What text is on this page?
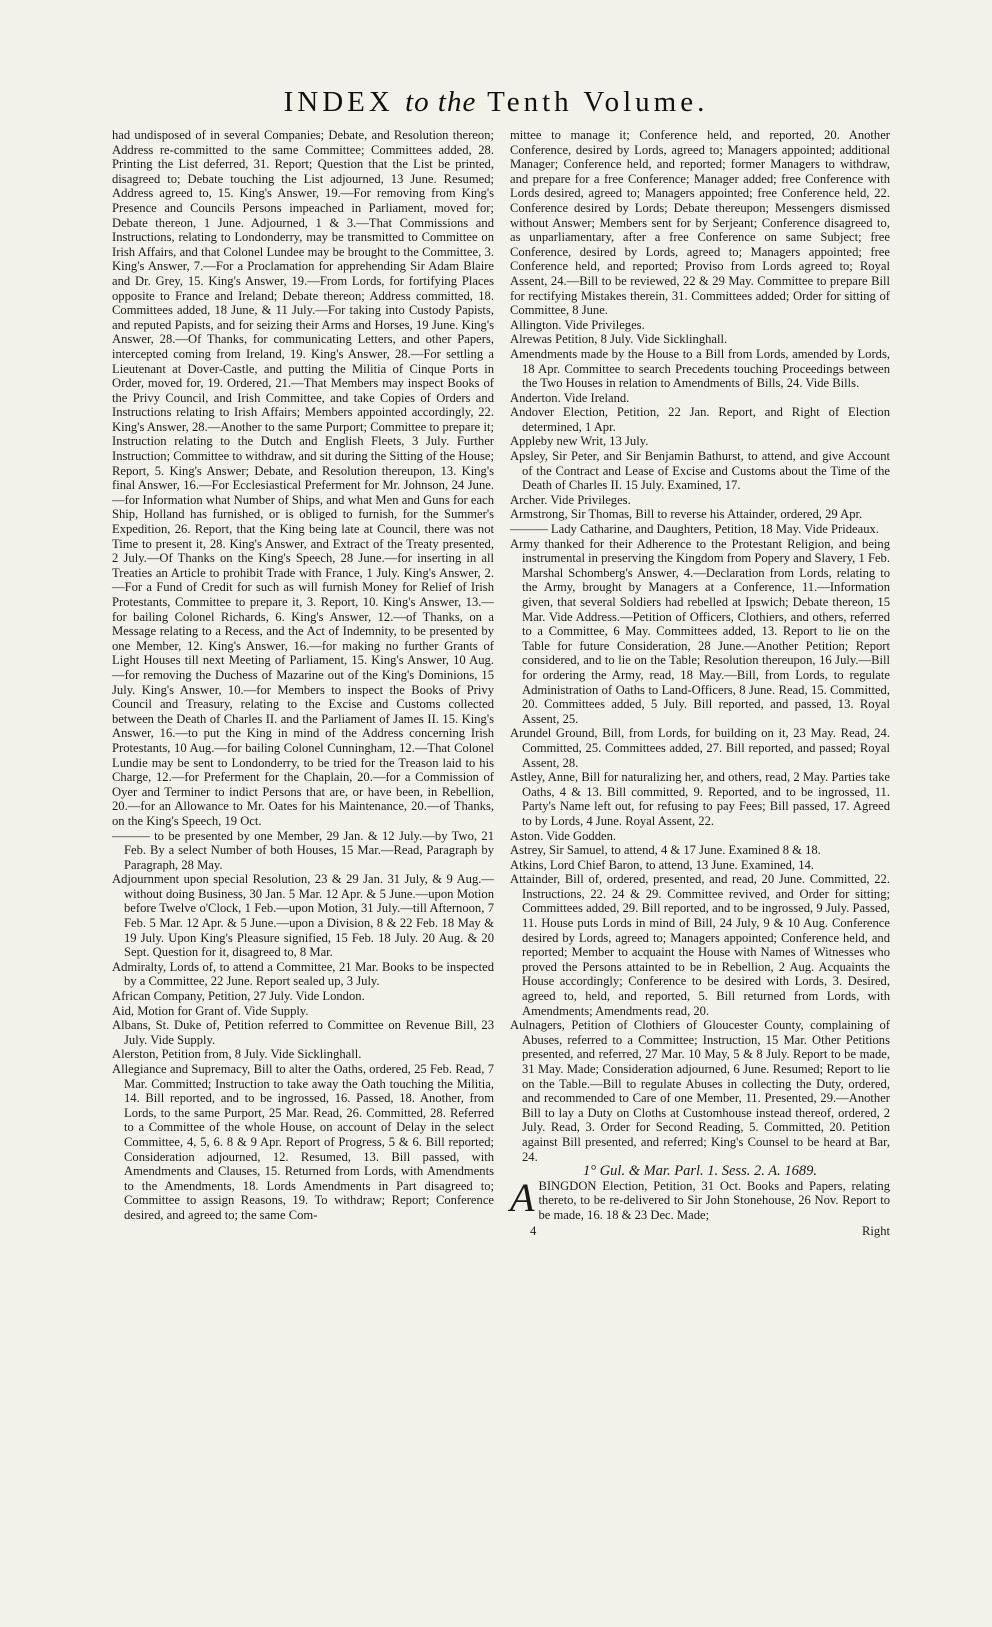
INDEX to the Tenth Volume.

had undisposed of in several Companies; Debate, and Resolution thereon; Address re-committed to the same Committee; Committees added, 28. Printing the List deferred, 31. Report; Question that the List be printed, disagreed to; Debate touching the List adjourned, 13 June. Resumed; Address agreed to, 15. King's Answer, 19.—For removing from King's Presence and Councils Persons impeached in Parliament, moved for; Debate thereon, 1 June. Adjourned, 1 & 3.—That Commissions and Instructions, relating to Londonderry, may be transmitted to Committee on Irish Affairs, and that Colonel Lundee may be brought to the Committee, 3. King's Answer, 7.—For a Proclamation for apprehending Sir Adam Blaire and Dr. Grey, 15. King's Answer, 19.—From Lords, for fortifying Places opposite to France and Ireland; Debate thereon; Address committed, 18. Committees added, 18 June, & 11 July.—For taking into Custody Papists, and reputed Papists, and for seizing their Arms and Horses, 19 June. King's Answer, 28.—Of Thanks, for communicating Letters, and other Papers, intercepted coming from Ireland, 19. King's Answer, 28.—For settling a Lieutenant at Dover-Castle, and putting the Militia of Cinque Ports in Order, moved for, 19. Ordered, 21.—That Members may inspect Books of the Privy Council, and Irish Committee, and take Copies of Orders and Instructions relating to Irish Affairs; Members appointed accordingly, 22. King's Answer, 28.—Another to the same Purport; Committee to prepare it; Instruction relating to the Dutch and English Fleets, 3 July. Further Instruction; Committee to withdraw, and sit during the Sitting of the House; Report, 5. King's Answer; Debate, and Resolution thereupon, 13. King's final Answer, 16.—For Ecclesiastical Preferment for Mr. Johnson, 24 June.—for Information what Number of Ships, and what Men and Guns for each Ship, Holland has furnished, or is obliged to furnish, for the Summer's Expedition, 26. Report, that the King being late at Council, there was not Time to present it, 28. King's Answer, and Extract of the Treaty presented, 2 July.—Of Thanks on the King's Speech, 28 June.—for inserting in all Treaties an Article to prohibit Trade with France, 1 July. King's Answer, 2.—For a Fund of Credit for such as will furnish Money for Relief of Irish Protestants, Committee to prepare it, 3. Report, 10. King's Answer, 13.—for bailing Colonel Richards, 6. King's Answer, 12.—of Thanks, on a Message relating to a Recess, and the Act of Indemnity, to be presented by one Member, 12. King's Answer, 16.—for making no further Grants of Light Houses till next Meeting of Parliament, 15. King's Answer, 10 Aug.—for removing the Duchess of Mazarine out of the King's Dominions, 15 July. King's Answer, 10.—for Members to inspect the Books of Privy Council and Treasury, relating to the Excise and Customs collected between the Death of Charles II. and the Parliament of James II. 15. King's Answer, 16.—to put the King in mind of the Address concerning Irish Protestants, 10 Aug.—for bailing Colonel Cunningham, 12.—That Colonel Lundie may be sent to Londonderry, to be tried for the Treason laid to his Charge, 12.—for Preferment for the Chaplain, 20.—for a Commission of Oyer and Terminer to indict Persons that are, or have been, in Rebellion, 20.—for an Allowance to Mr. Oates for his Maintenance, 20.—of Thanks, on the King's Speech, 19 Oct.

——— to be presented by one Member, 29 Jan. & 12 July.—by Two, 21 Feb. By a select Number of both Houses, 15 Mar.—Read, Paragraph by Paragraph, 28 May.

Adjournment upon special Resolution, 23 & 29 Jan. 31 July, & 9 Aug.—without doing Business, 30 Jan. 5 Mar. 12 Apr. & 5 June.—upon Motion before Twelve o'Clock, 1 Feb.—upon Motion, 31 July.—till Afternoon, 7 Feb. 5 Mar. 12 Apr. & 5 June.—upon a Division, 8 & 22 Feb. 18 May & 19 July. Upon King's Pleasure signified, 15 Feb. 18 July. 20 Aug. & 20 Sept. Question for it, disagreed to, 8 Mar.

Admiralty, Lords of, to attend a Committee, 21 Mar. Books to be inspected by a Committee, 22 June. Report sealed up, 3 July.

African Company, Petition, 27 July. Vide London.

Aid, Motion for Grant of. Vide Supply.

Albans, St. Duke of, Petition referred to Committee on Revenue Bill, 23 July. Vide Supply.

Alerston, Petition from, 8 July. Vide Sicklinghall.

Allegiance and Supremacy, Bill to alter the Oaths, ordered, 25 Feb. Read, 7 Mar. Committed; Instruction to take away the Oath touching the Militia, 14. Bill reported, and to be ingrossed, 16. Passed, 18. Another, from Lords, to the same Purport, 25 Mar. Read, 26. Committed, 28. Referred to a Committee of the whole House, on account of Delay in the select Committee, 4, 5, 6. 8 & 9 Apr. Report of Progress, 5 & 6. Bill reported; Consideration adjourned, 12. Resumed, 13. Bill passed, with Amendments and Clauses, 15. Returned from Lords, with Amendments to the Amendments, 18. Lords Amendments in Part disagreed to; Committee to assign Reasons, 19. To withdraw; Report; Conference desired, and agreed to; the same Com-

mittee to manage it; Conference held, and reported, 20. Another Conference, desired by Lords, agreed to; Managers appointed; additional Manager; Conference held, and reported; former Managers to withdraw, and prepare for a free Conference; Manager added; free Conference with Lords desired, agreed to; Managers appointed; free Conference held, 22. Conference desired by Lords; Debate thereupon; Messengers dismissed without Answer; Members sent for by Serjeant; Conference disagreed to, as unparliamentary, after a free Conference on same Subject; free Conference, desired by Lords, agreed to; Managers appointed; free Conference held, and reported; Proviso from Lords agreed to; Royal Assent, 24.—Bill to be reviewed, 22 & 29 May. Committee to prepare Bill for rectifying Mistakes therein, 31. Committees added; Order for sitting of Committee, 8 June.

Allington. Vide Privileges.

Alrewas Petition, 8 July. Vide Sicklinghall.

Amendments made by the House to a Bill from Lords, amended by Lords, 18 Apr. Committee to search Precedents touching Proceedings between the Two Houses in relation to Amendments of Bills, 24. Vide Bills.

Anderton. Vide Ireland.

Andover Election, Petition, 22 Jan. Report, and Right of Election determined, 1 Apr.

Appleby new Writ, 13 July.

Apsley, Sir Peter, and Sir Benjamin Bathurst, to attend, and give Account of the Contract and Lease of Excise and Customs about the Time of the Death of Charles II. 15 July. Examined, 17.

Archer. Vide Privileges.

Armstrong, Sir Thomas, Bill to reverse his Attainder, ordered, 29 Apr.

——— Lady Catharine, and Daughters, Petition, 18 May. Vide Prideaux.

Army thanked for their Adherence to the Protestant Religion, and being instrumental in preserving the Kingdom from Popery and Slavery, 1 Feb. Marshal Schomberg's Answer, 4.—Declaration from Lords, relating to the Army, brought by Managers at a Conference, 11.—Information given, that several Soldiers had rebelled at Ipswich; Debate thereon, 15 Mar. Vide Address.—Petition of Officers, Clothiers, and others, referred to a Committee, 6 May. Committees added, 13. Report to lie on the Table for future Consideration, 28 June.—Another Petition; Report considered, and to lie on the Table; Resolution thereupon, 16 July.—Bill for ordering the Army, read, 18 May.—Bill, from Lords, to regulate Administration of Oaths to Land-Officers, 8 June. Read, 15. Committed, 20. Committees added, 5 July. Bill reported, and passed, 13. Royal Assent, 25.

Arundel Ground, Bill, from Lords, for building on it, 23 May. Read, 24. Committed, 25. Committees added, 27. Bill reported, and passed; Royal Assent, 28.

Astley, Anne, Bill for naturalizing her, and others, read, 2 May. Parties take Oaths, 4 & 13. Bill committed, 9. Reported, and to be ingrossed, 11. Party's Name left out, for refusing to pay Fees; Bill passed, 17. Agreed to by Lords, 4 June. Royal Assent, 22.

Aston. Vide Godden.

Astrey, Sir Samuel, to attend, 4 & 17 June. Examined 8 & 18.

Atkins, Lord Chief Baron, to attend, 13 June. Examined, 14.

Attainder, Bill of, ordered, presented, and read, 20 June. Committed, 22. Instructions, 22. 24 & 29. Committee revived, and Order for sitting; Committees added, 29. Bill reported, and to be ingrossed, 9 July. Passed, 11. House puts Lords in mind of Bill, 24 July, 9 & 10 Aug. Conference desired by Lords, agreed to; Managers appointed; Conference held, and reported; Member to acquaint the House with Names of Witnesses who proved the Persons attainted to be in Rebellion, 2 Aug. Acquaints the House accordingly; Conference to be desired with Lords, 3. Desired, agreed to, held, and reported, 5. Bill returned from Lords, with Amendments; Amendments read, 20.

Aulnagers, Petition of Clothiers of Gloucester County, complaining of Abuses, referred to a Committee; Instruction, 15 Mar. Other Petitions presented, and referred, 27 Mar. 10 May, 5 & 8 July. Report to be made, 31 May. Made; Consideration adjourned, 6 June. Resumed; Report to lie on the Table.—Bill to regulate Abuses in collecting the Duty, ordered, and recommended to Care of one Member, 11. Presented, 29.—Another Bill to lay a Duty on Cloths at Customhouse instead thereof, ordered, 2 July. Read, 3. Order for Second Reading, 5. Committed, 20. Petition against Bill presented, and referred; King's Counsel to be heard at Bar, 24.

1° Gul. & Mar. Parl. 1. Sess. 2. A. 1689.

ABINGDON Election, Petition, 31 Oct. Books and Papers, relating thereto, to be re-delivered to Sir John Stonehouse, 26 Nov. Report to be made, 16. 18 & 23 Dec. Made;

4	Right
